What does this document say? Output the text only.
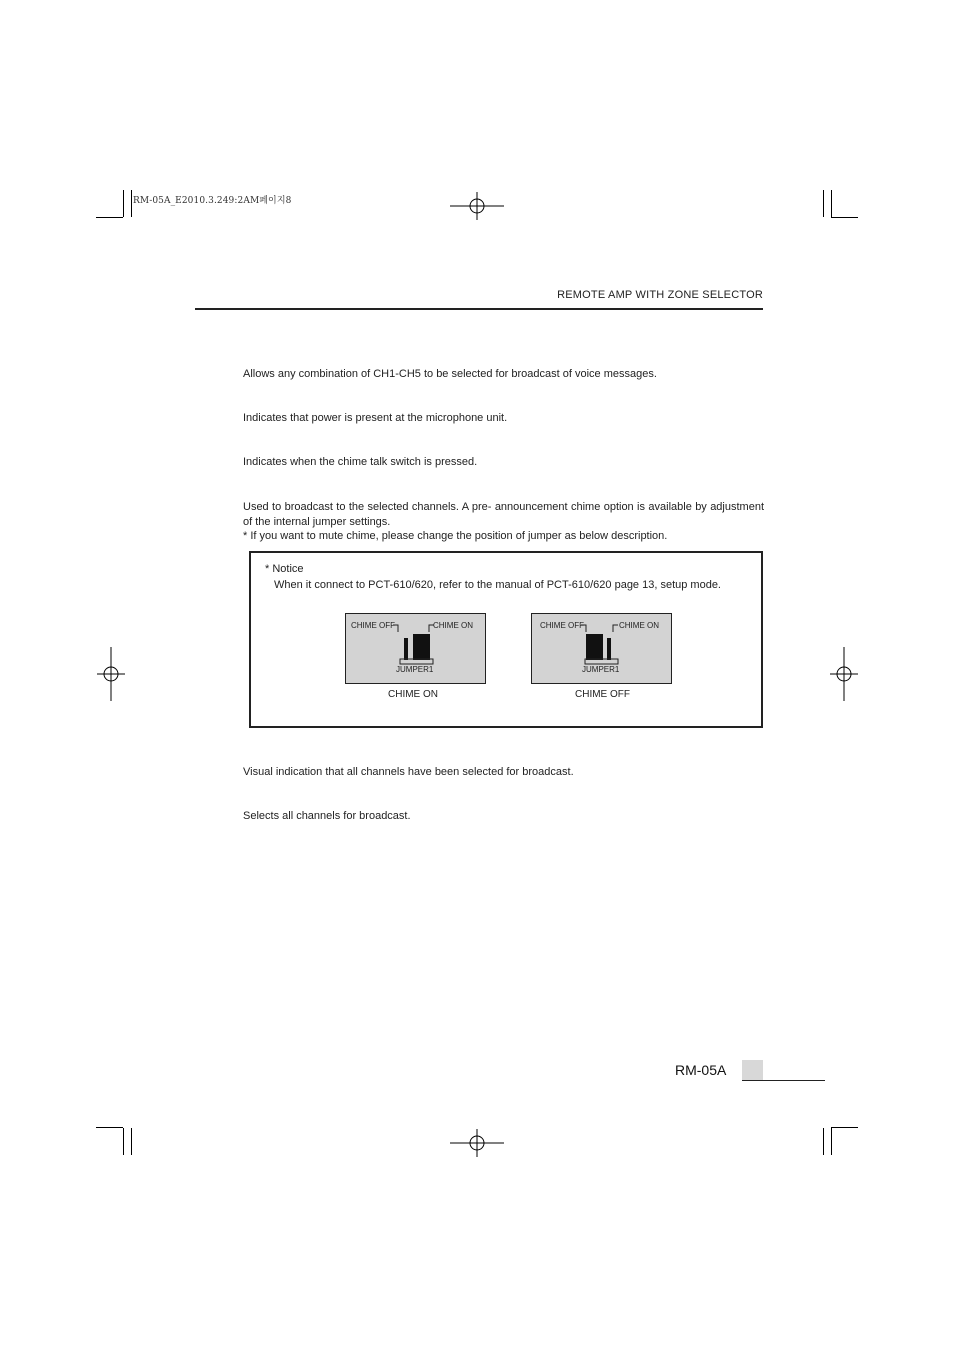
RM-05A_E2010.3.249:2AM페이지8
REMOTE AMP WITH ZONE SELECTOR
Allows any combination of CH1-CH5 to be selected for broadcast of voice messages.
Indicates that power is present at the microphone unit.
Indicates when the chime talk switch is pressed.
Used to broadcast to the selected channels. A pre- announcement chime option is available by adjustment of the internal jumper settings.
* If you want to mute chime, please change the position of jumper as below description.
* Notice
When it connect to PCT-610/620, refer to the manual of PCT-610/620 page 13, setup mode.
CHIME OFF	CHIME ON
JUMPER1
CHIME ON
CHIME OFF	CHIME ON
JUMPER1
CHIME OFF
Visual indication that all channels have been selected for broadcast.
Selects all channels for broadcast.
RM-05A
